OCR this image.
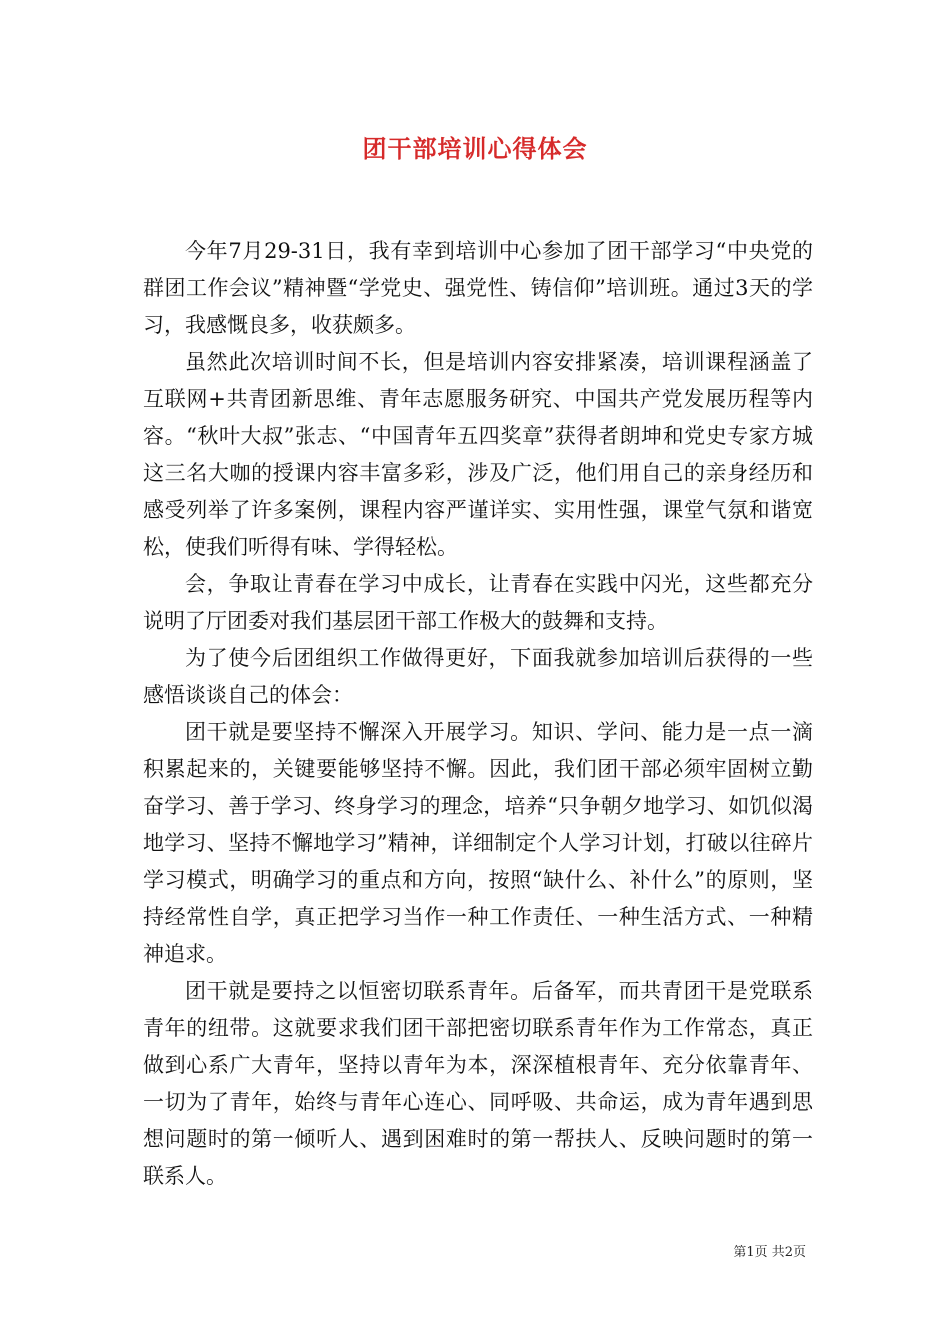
团干部培训心得体会

今年7月29-31日，我有幸到培训中心参加了团干部学习“中央党的群团工作会议”精神暨“学党史、强党性、铸信仰”培训班。通过3天的学习，我感慨良多，收获颇多。

虽然此次培训时间不长，但是培训内容安排紧凑，培训课程涵盖了互联网+共青团新思维、青年志愿服务研究、中国共产党发展历程等内容。“秋叶大叔”张志、“中国青年五四奖章”获得者朗坤和党史专家方城这三名大咖的授课内容丰富多彩，涉及广泛，他们用自己的亲身经历和感受列举了许多案例，课程内容严谨详实、实用性强，课堂气氛和谐宽松，使我们听得有味、学得轻松。

会，争取让青春在学习中成长，让青春在实践中闪光，这些都充分说明了厅团委对我们基层团干部工作极大的鼓舞和支持。

为了使今后团组织工作做得更好，下面我就参加培训后获得的一些感悟谈谈自己的体会：

团干就是要坚持不懈深入开展学习。知识、学问、能力是一点一滴积累起来的，关键要能够坚持不懈。因此，我们团干部必须牢固树立勤奋学习、善于学习、终身学习的理念，培养“只争朝夕地学习、如饥似渴地学习、坚持不懈地学习”精神，详细制定个人学习计划，打破以往碎片学习模式，明确学习的重点和方向，按照“缺什么、补什么”的原则，坚持经常性自学，真正把学习当作一种工作责任、一种生活方式、一种精神追求。

团干就是要持之以恒密切联系青年。后备军，而共青团干是党联系青年的纽带。这就要求我们团干部把密切联系青年作为工作常态，真正做到心系广大青年，坚持以青年为本，深深植根青年、充分依靠青年、一切为了青年，始终与青年心连心、同呼吸、共命运，成为青年遇到思想问题时的第一倾听人、遇到困难时的第一帮扶人、反映问题时的第一联系人。

第1页 共2页
